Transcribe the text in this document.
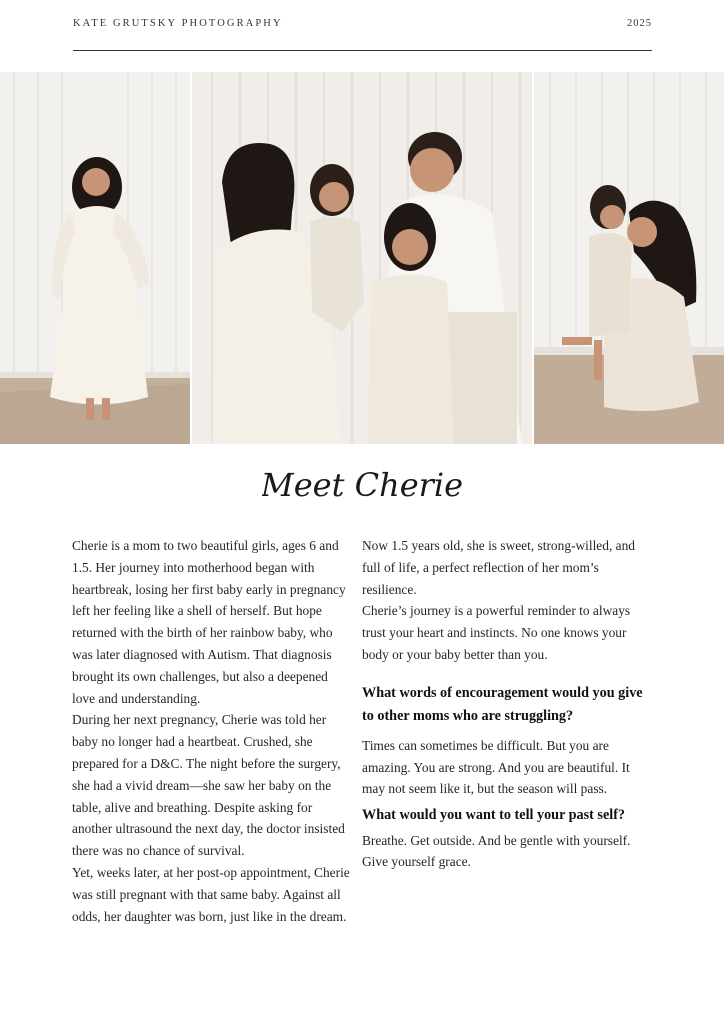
KATE GRUTSKY PHOTOGRAPHY	2025
Meet Cherie

Cherie is a mom to two beautiful girls, ages 6 and 1.5. Her journey into motherhood began with heartbreak, losing her first baby early in pregnancy left her feeling like a shell of herself. But hope returned with the birth of her rainbow baby, who was later diagnosed with Autism. That diagnosis brought its own challenges, but also a deepened love and understanding.

During her next pregnancy, Cherie was told her baby no longer had a heartbeat. Crushed, she prepared for a D&C. The night before the surgery, she had a vivid dream—she saw her baby on the table, alive and breathing. Despite asking for another ultrasound the next day, the doctor insisted there was no chance of survival.

Yet, weeks later, at her post-op appointment, Cherie was still pregnant with that same baby. Against all odds, her daughter was born, just like in the dream.

Now 1.5 years old, she is sweet, strong-willed, and full of life, a perfect reflection of her mom’s resilience.

Cherie’s journey is a powerful reminder to always trust your heart and instincts. No one knows your body or your baby better than you.

What words of encouragement would you give to other moms who are struggling?

Times can sometimes be difficult. But you are amazing. You are strong. And you are beautiful. It may not seem like it, but the season will pass.

What would you want to tell your past self?

Breathe. Get outside. And be gentle with yourself. Give yourself grace.
